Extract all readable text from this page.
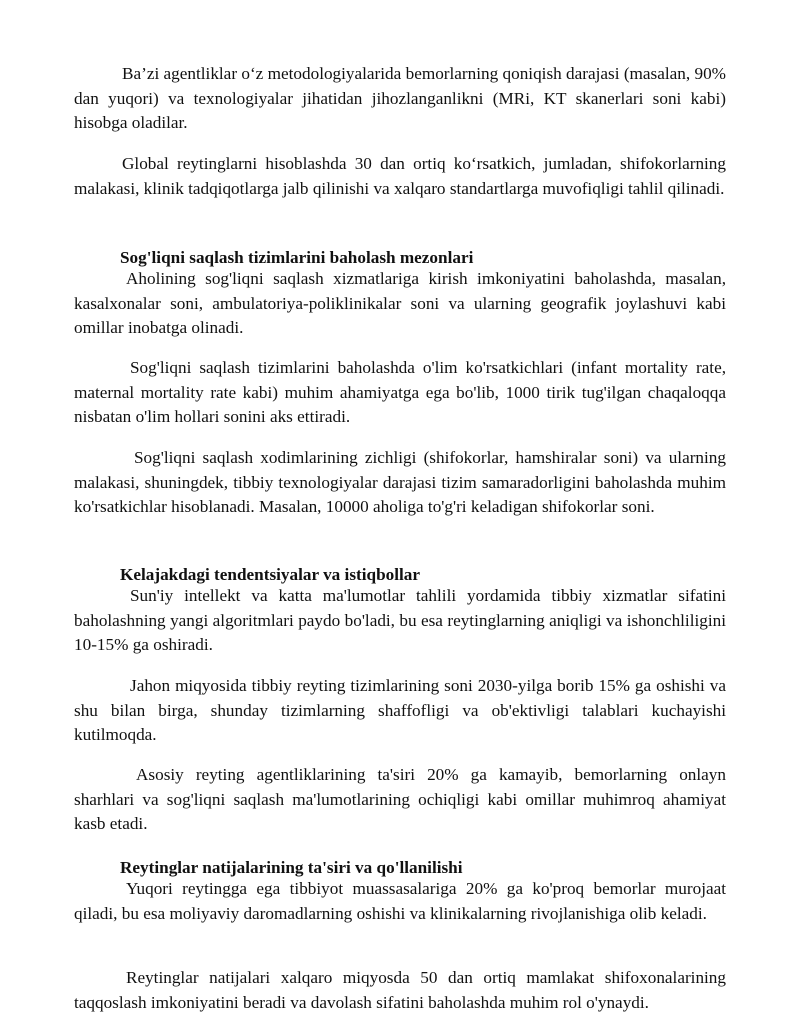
Ba’zi agentliklar o‘z metodologiyalarida bemorlarning qoniqish darajasi (masalan, 90% dan yuqori) va texnologiyalar jihatidan jihozlanganlikni (MRi, KT skanerlari soni kabi) hisobga oladilar.

Global reytinglarni hisoblashda 30 dan ortiq ko‘rsatkich, jumladan, shifokorlarning malakasi, klinik tadqiqotlarga jalb qilinishi va xalqaro standartlarga muvofiqligi tahlil qilinadi.

Sog'liqni saqlash tizimlarini baholash mezonlari

Aholining sog'liqni saqlash xizmatlariga kirish imkoniyatini baholashda, masalan, kasalxonalar soni, ambulatoriya-poliklinikalar soni va ularning geografik joylashuvi kabi omillar inobatga olinadi.

Sog'liqni saqlash tizimlarini baholashda o'lim ko'rsatkichlari (infant mortality rate, maternal mortality rate kabi) muhim ahamiyatga ega bo'lib, 1000 tirik tug'ilgan chaqaloqqa nisbatan o'lim hollari sonini aks ettiradi.

Sog'liqni saqlash xodimlarining zichligi (shifokorlar, hamshiralar soni) va ularning malakasi, shuningdek, tibbiy texnologiyalar darajasi tizim samaradorligini baholashda muhim ko'rsatkichlar hisoblanadi. Masalan, 10000 aholiga to'g'ri keladigan shifokorlar soni.

Kelajakdagi tendentsiyalar va istiqbollar

Sun'iy intellekt va katta ma'lumotlar tahlili yordamida tibbiy xizmatlar sifatini baholashning yangi algoritmlari paydo bo'ladi, bu esa reytinglarning aniqligi va ishonchliligini 10-15% ga oshiradi.

Jahon miqyosida tibbiy reyting tizimlarining soni 2030-yilga borib 15% ga oshishi va shu bilan birga, shunday tizimlarning shaffofligi va ob'ektivligi talablari kuchayishi kutilmoqda.

Asosiy reyting agentliklarining ta'siri 20% ga kamayib, bemorlarning onlayn sharhlari va sog'liqni saqlash ma'lumotlarining ochiqligi kabi omillar muhimroq ahamiyat kasb etadi.

Reytinglar natijalarining ta'siri va qo'llanilishi

Yuqori reytingga ega tibbiyot muassasalariga 20% ga ko'proq bemorlar murojaat qiladi, bu esa moliyaviy daromadlarning oshishi va klinikalarning rivojlanishiga olib keladi.

Reytinglar natijalari xalqaro miqyosda 50 dan ortiq mamlakat shifoxonalarining taqqoslash imkoniyatini beradi va davolash sifatini baholashda muhim rol o'ynaydi.
